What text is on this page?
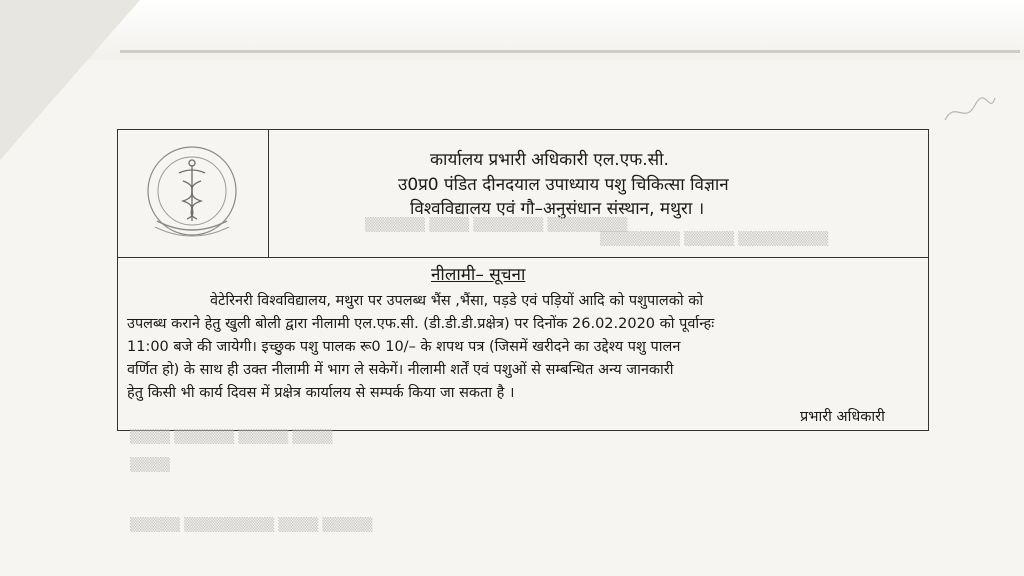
कार्यालय प्रभारी अधिकारी एल.एफ.सी.
उ0प्र0 पंडित दीनदयाल उपाध्याय पशु चिकित्सा विज्ञान
विश्वविद्यालय एवं गौ–अनुसंधान संस्थान, मथुरा ।
▒▒▒▒▒▒ ▒▒▒▒ ▒▒▒▒▒▒▒ ▒▒▒▒▒▒▒▒
▒▒▒▒▒▒▒▒ ▒▒▒▒▒ ▒▒▒▒▒▒▒▒▒
नीलामी– सूचना
वेटेरिनरी विश्वविद्यालय, मथुरा पर उपलब्ध भैंस ,भैंसा, पड़डे एवं पड़ियों आदि को पशुपालको को
उपलब्ध कराने हेतु खुली बोली द्वारा नीलामी एल.एफ.सी. (डी.डी.डी.प्रक्षेत्र) पर दिनोंक 26.02.2020 को पूर्वान्हः
11:00 बजे की जायेगी। इच्छुक पशु पालक रू0 10/– के शपथ पत्र (जिसमें खरीदने का उद्देश्य पशु पालन
वर्णित हो) के साथ ही उक्त नीलामी में भाग ले सकेगें। नीलामी शर्तें एवं पशुओं से सम्बन्धित अन्य जानकारी
हेतु किसी भी कार्य दिवस में प्रक्षेत्र कार्यालय से सम्पर्क किया जा सकता है ।
प्रभारी अधिकारी
▒▒▒▒ ▒▒▒▒▒▒ ▒▒▒▒▒ ▒▒▒▒
▒▒▒▒
▒▒▒▒▒ ▒▒▒▒▒▒▒▒▒ ▒▒▒▒ ▒▒▒▒▒
